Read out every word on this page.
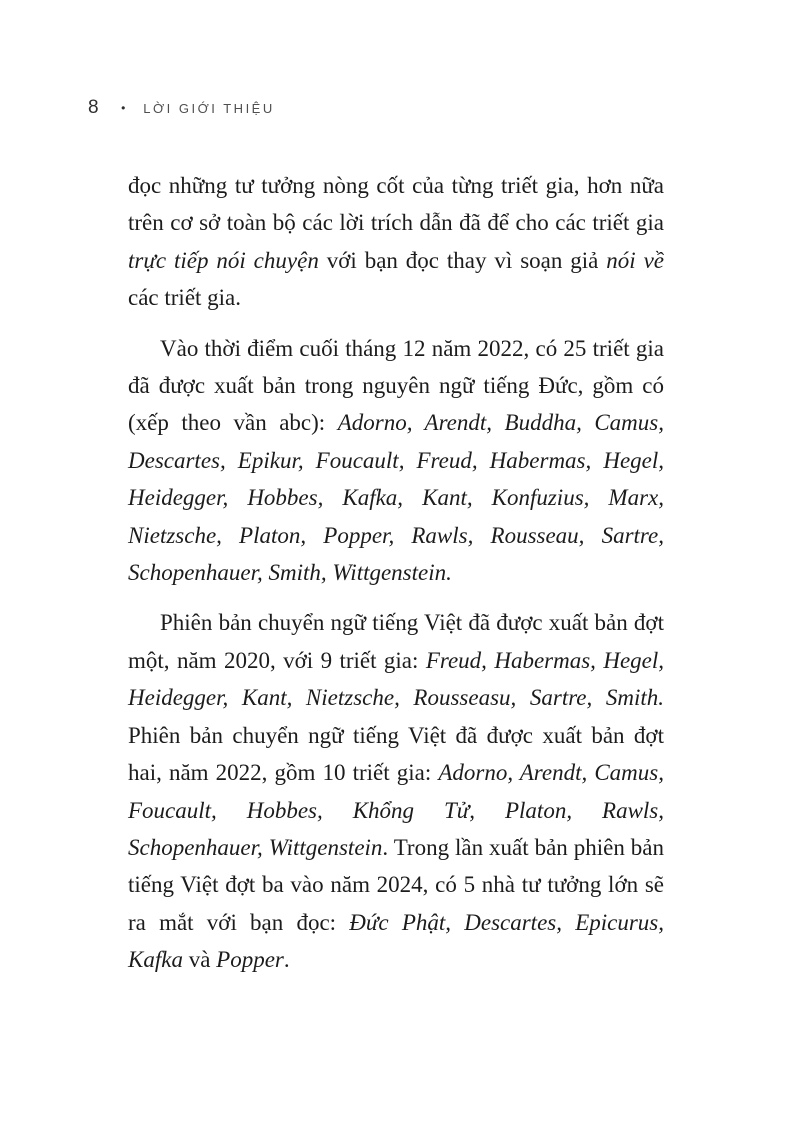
8 • LỜI GIỚI THIỆU

đọc những tư tưởng nòng cốt của từng triết gia, hơn nữa trên cơ sở toàn bộ các lời trích dẫn đã để cho các triết gia trực tiếp nói chuyện với bạn đọc thay vì soạn giả nói về các triết gia.

Vào thời điểm cuối tháng 12 năm 2022, có 25 triết gia đã được xuất bản trong nguyên ngữ tiếng Đức, gồm có (xếp theo vần abc): Adorno, Arendt, Buddha, Camus, Descartes, Epikur, Foucault, Freud, Habermas, Hegel, Heidegger, Hobbes, Kafka, Kant, Konfuzius, Marx, Nietzsche, Platon, Popper, Rawls, Rousseau, Sartre, Schopenhauer, Smith, Wittgenstein.

Phiên bản chuyển ngữ tiếng Việt đã được xuất bản đợt một, năm 2020, với 9 triết gia: Freud, Habermas, Hegel, Heidegger, Kant, Nietzsche, Rousseasu, Sartre, Smith. Phiên bản chuyển ngữ tiếng Việt đã được xuất bản đợt hai, năm 2022, gồm 10 triết gia: Adorno, Arendt, Camus, Foucault, Hobbes, Khổng Tử, Platon, Rawls, Schopenhauer, Wittgenstein. Trong lần xuất bản phiên bản tiếng Việt đợt ba vào năm 2024, có 5 nhà tư tưởng lớn sẽ ra mắt với bạn đọc: Đức Phật, Descartes, Epicurus, Kafka và Popper.
